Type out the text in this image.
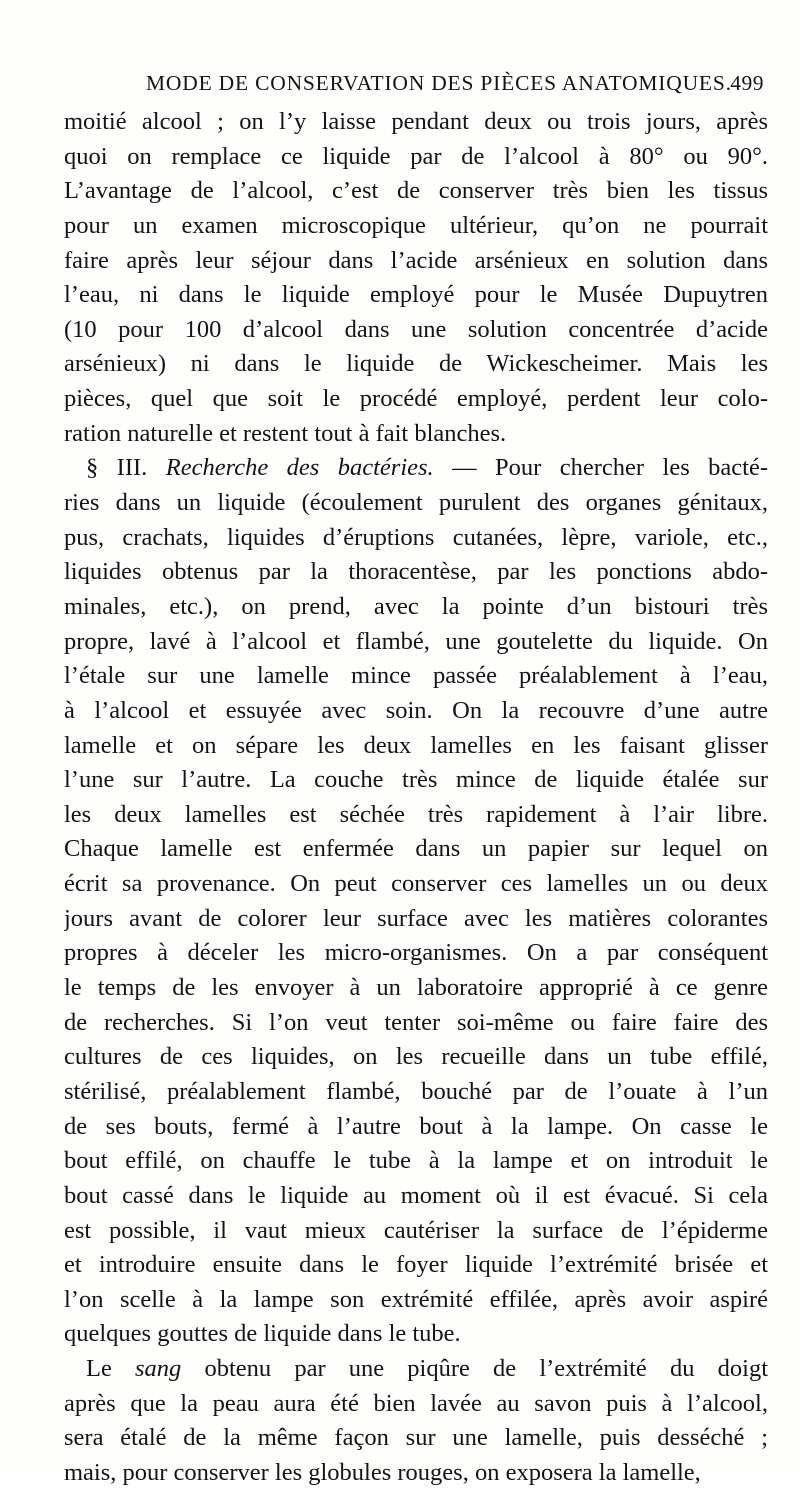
MODE DE CONSERVATION DES PIÈCES ANATOMIQUES.
499
moitié alcool ; on l’y laisse pendant deux ou trois jours, après
quoi on remplace ce liquide par de l’alcool à 80° ou 90°.
L’avantage de l’alcool, c’est de conserver très bien les tissus
pour un examen microscopique ultérieur, qu’on ne pourrait
faire après leur séjour dans l’acide arsénieux en solution dans
l’eau, ni dans le liquide employé pour le Musée Dupuytren
(10 pour 100 d’alcool dans une solution concentrée d’acide
arsénieux) ni dans le liquide de Wickescheimer. Mais les
pièces, quel que soit le procédé employé, perdent leur colo-
ration naturelle et restent tout à fait blanches.
§ III. Recherche des bactéries. — Pour chercher les bacté-
ries dans un liquide (écoulement purulent des organes génitaux,
pus, crachats, liquides d’éruptions cutanées, lèpre, variole, etc.,
liquides obtenus par la thoracentèse, par les ponctions abdo-
minales, etc.), on prend, avec la pointe d’un bistouri très
propre, lavé à l’alcool et flambé, une goutelette du liquide. On
l’étale sur une lamelle mince passée préalablement à l’eau,
à l’alcool et essuyée avec soin. On la recouvre d’une autre
lamelle et on sépare les deux lamelles en les faisant glisser
l’une sur l’autre. La couche très mince de liquide étalée sur
les deux lamelles est séchée très rapidement à l’air libre.
Chaque lamelle est enfermée dans un papier sur lequel on
écrit sa provenance. On peut conserver ces lamelles un ou deux
jours avant de colorer leur surface avec les matières colorantes
propres à déceler les micro-organismes. On a par conséquent
le temps de les envoyer à un laboratoire approprié à ce genre
de recherches. Si l’on veut tenter soi-même ou faire faire des
cultures de ces liquides, on les recueille dans un tube effilé,
stérilisé, préalablement flambé, bouché par de l’ouate à l’un
de ses bouts, fermé à l’autre bout à la lampe. On casse le
bout effilé, on chauffe le tube à la lampe et on introduit le
bout cassé dans le liquide au moment où il est évacué. Si cela
est possible, il vaut mieux cautériser la surface de l’épiderme
et introduire ensuite dans le foyer liquide l’extrémité brisée et
l’on scelle à la lampe son extrémité effilée, après avoir aspiré
quelques gouttes de liquide dans le tube.
Le sang obtenu par une piqûre de l’extrémité du doigt
après que la peau aura été bien lavée au savon puis à l’alcool,
sera étalé de la même façon sur une lamelle, puis desséché ;
mais, pour conserver les globules rouges, on exposera la lamelle,
